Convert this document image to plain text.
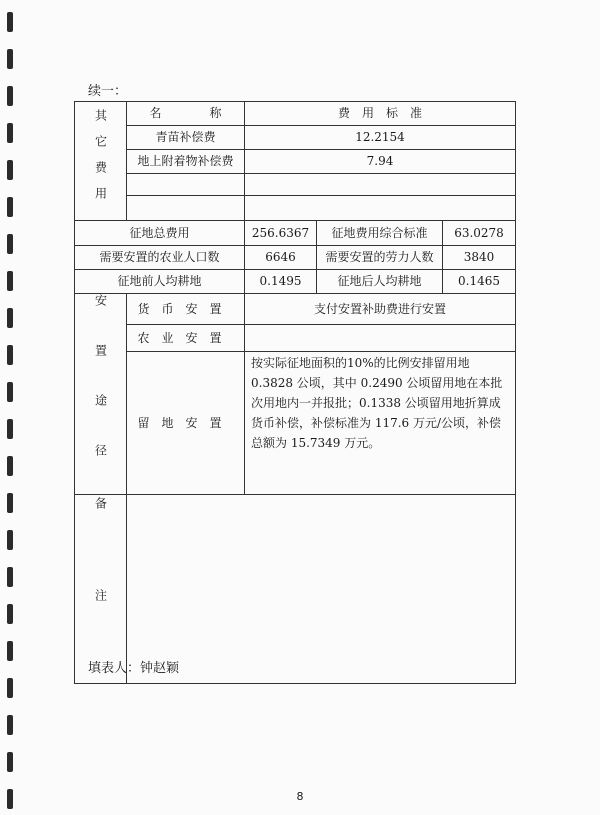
续一：
其它费用	名　　　　称	费　用　标　准		
	青苗补偿费	12.2154		
	地上附着物补偿费	7.94		

征地总费用		256.6367	征地费用综合标准	63.0278
需要安置的农业人口数		6646	需要安置的劳力人数	3840
征地前人均耕地		0.1495	征地后人均耕地	0.1465

安置途径	货币安置	支付安置补助费进行安置		
	农业安置			
	留地安置	按实际征地面积的10%的比例安排留用地 0.3828 公顷，其中 0.2490 公顷留用地在本批次用地内一并报批；0.1338 公顷留用地折算成货币补偿，补偿标准为 117.6 万元/公顷，补偿总额为 15.7349 万元。		

备注				

填表人：钟赵颖
8
